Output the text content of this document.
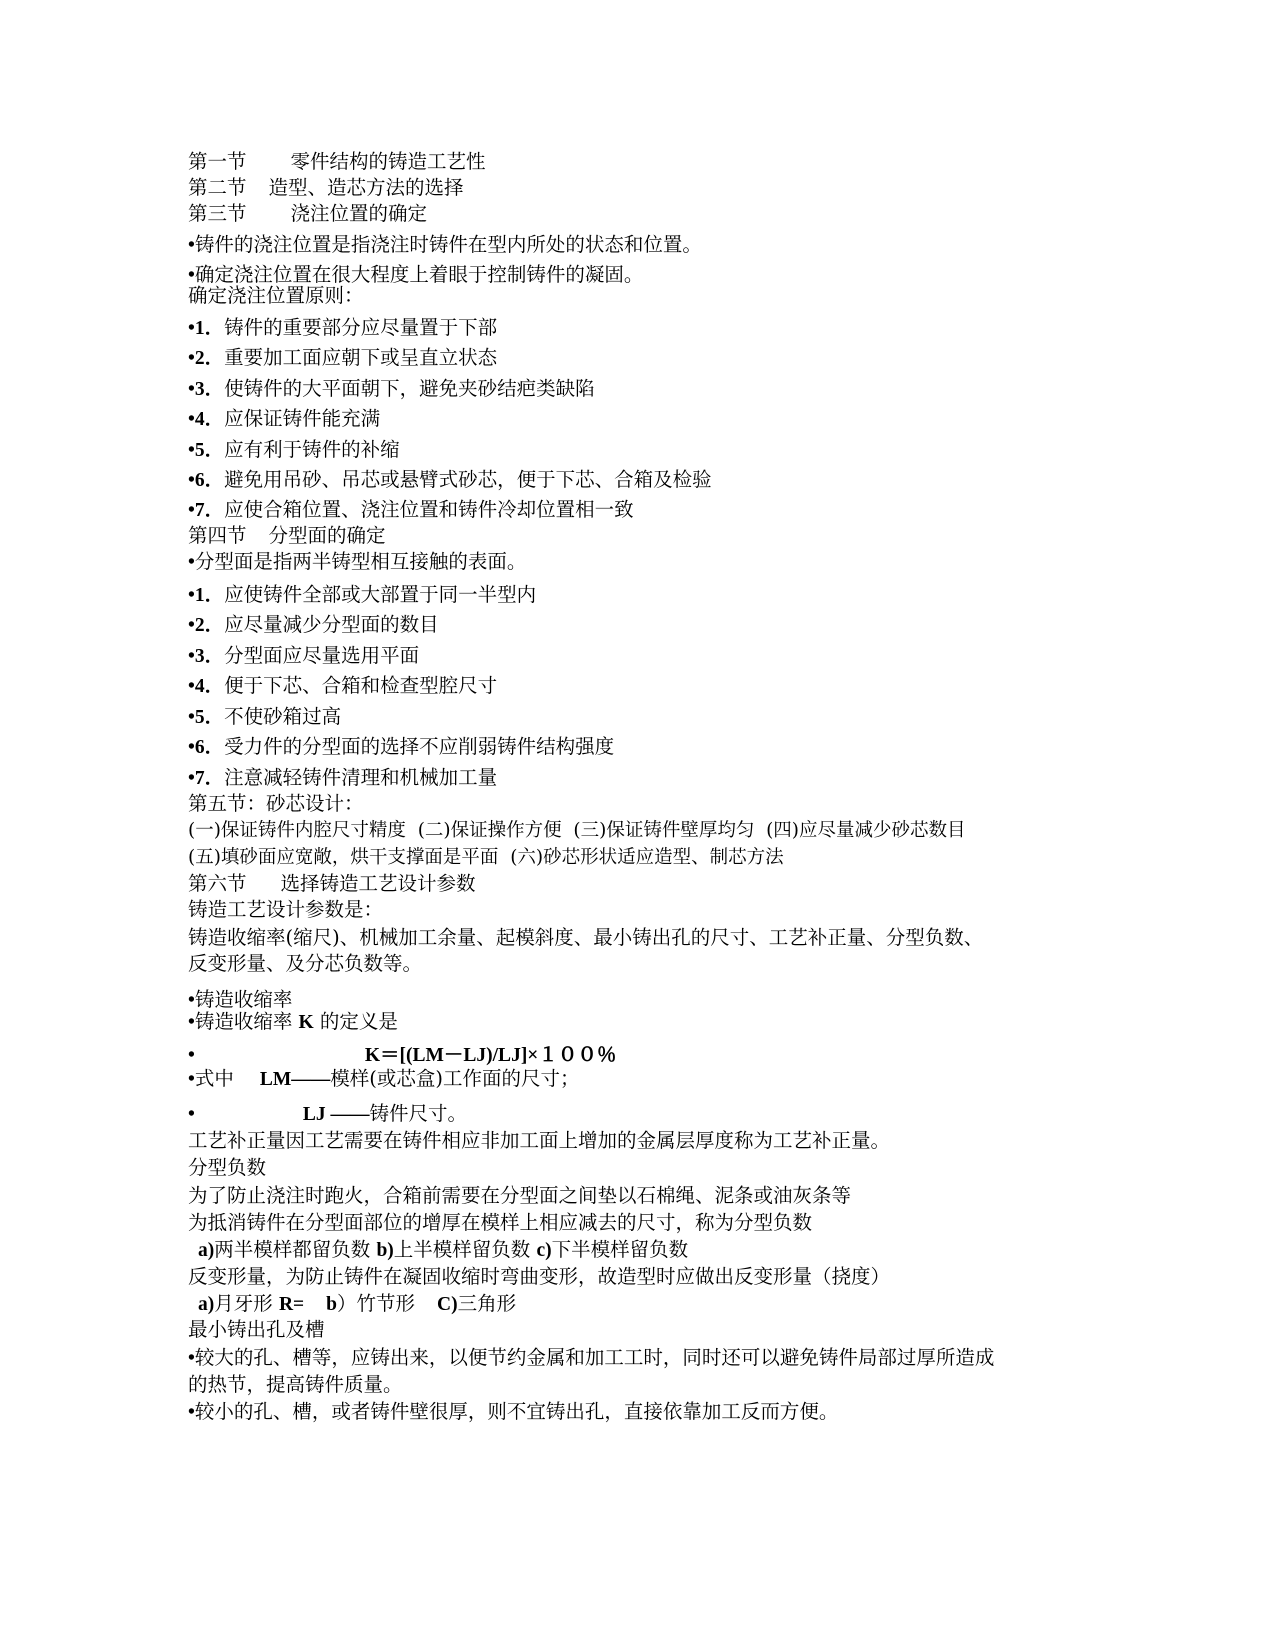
第一节 零件结构的铸造工艺性
第二节 造型、造芯方法的选择
第三节 浇注位置的确定
•铸件的浇注位置是指浇注时铸件在型内所处的状态和位置。
•确定浇注位置在很大程度上着眼于控制铸件的凝固。
确定浇注位置原则：
•1．铸件的重要部分应尽量置于下部
•2．重要加工面应朝下或呈直立状态
•3．使铸件的大平面朝下，避免夹砂结疤类缺陷
•4．应保证铸件能充满
•5．应有利于铸件的补缩
•6．避免用吊砂、吊芯或悬臂式砂芯，便于下芯、合箱及检验
•7．应使合箱位置、浇注位置和铸件冷却位置相一致
第四节 分型面的确定
•分型面是指两半铸型相互接触的表面。
•1．应使铸件全部或大部置于同一半型内
•2．应尽量减少分型面的数目
•3．分型面应尽量选用平面
•4．便于下芯、合箱和检查型腔尺寸
•5．不使砂箱过高
•6．受力件的分型面的选择不应削弱铸件结构强度
•7．注意减轻铸件清理和机械加工量
第五节：砂芯设计：
(一)保证铸件内腔尺寸精度  (二)保证操作方便  (三)保证铸件壁厚均匀  (四)应尽量减少砂芯数目
(五)填砂面应宽敞，烘干支撑面是平面  (六)砂芯形状适应造型、制芯方法
第六节 选择铸造工艺设计参数
铸造工艺设计参数是：
铸造收缩率(缩尺)、机械加工余量、起模斜度、最小铸出孔的尺寸、工艺补正量、分型负数、
反变形量、及分芯负数等。
•铸造收缩率
•铸造收缩率 K 的定义是
•	K＝[(LM－LJ)/LJ]×１００％
•式中 LM——模样(或芯盒)工作面的尺寸；
•	LJ ——铸件尺寸。
工艺补正量因工艺需要在铸件相应非加工面上增加的金属层厚度称为工艺补正量。
分型负数
为了防止浇注时跑火，合箱前需要在分型面之间垫以石棉绳、泥条或油灰条等
为抵消铸件在分型面部位的增厚在模样上相应减去的尺寸，称为分型负数
a)两半模样都留负数 b)上半模样留负数 c)下半模样留负数
反变形量，为防止铸件在凝固收缩时弯曲变形，故造型时应做出反变形量（挠度）
a)月牙形 R= b）竹节形 C)三角形
最小铸出孔及槽
•较大的孔、槽等，应铸出来，以便节约金属和加工工时，同时还可以避免铸件局部过厚所造成
的热节，提高铸件质量。
•较小的孔、槽，或者铸件壁很厚，则不宜铸出孔，直接依靠加工反而方便。
